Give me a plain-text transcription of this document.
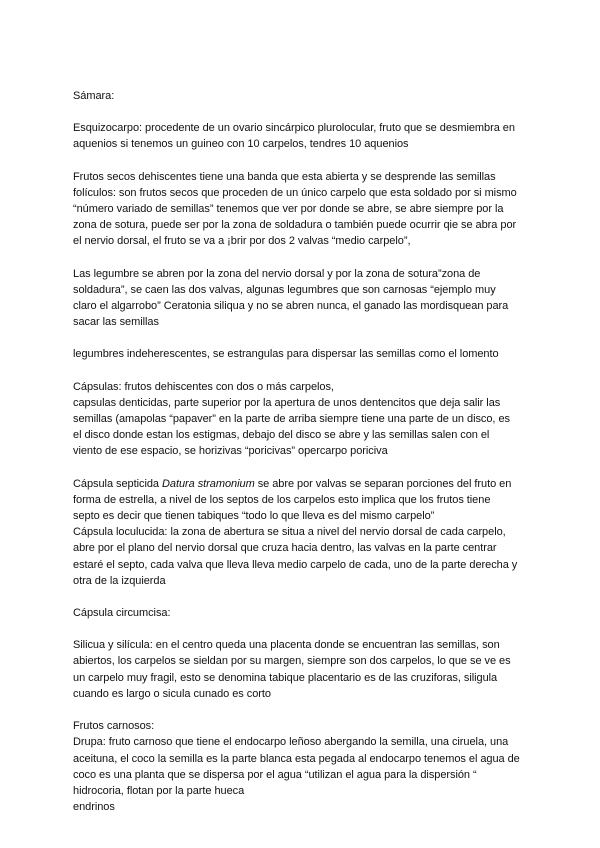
Sámara:

Esquizocarpo: procedente de un ovario sincárpico plurolocular, fruto que se desmiembra en
aquenios si tenemos un guineo con 10 carpelos, tendres 10 aquenios

Frutos secos dehiscentes tiene una banda que esta abierta y se desprende las semillas
folículos: son frutos secos que proceden de un único carpelo que esta soldado por si mismo
“número variado de semillas” tenemos que ver por donde se abre, se abre siempre por la
zona de sotura, puede ser por la zona de soldadura o también puede ocurrir qie se abra por
el nervio dorsal, el fruto se va a ¡brir por dos 2 valvas “medio carpelo”,

Las legumbre se abren por la zona del nervio dorsal y por la zona de sotura”zona de
soldadura”, se caen las dos valvas, algunas legumbres que son carnosas “ejemplo muy
claro el algarrobo” Ceratonia siliqua y no se abren nunca, el ganado las mordisquean para
sacar las semillas

legumbres indeherescentes, se estrangulas para dispersar las semillas como el lomento

Cápsulas: frutos dehiscentes con dos o más carpelos,
capsulas denticidas, parte superior por la apertura de unos dentencitos que deja salir las
semillas (amapolas “papaver” en la parte de arriba siempre tiene una parte de un disco, es
el disco donde estan los estigmas, debajo del disco se abre y las semillas salen con el
viento de ese espacio, se horizivas “poricivas” opercarpo poriciva

Cápsula septicida Datura stramonium se abre por valvas se separan porciones del fruto en
forma de estrella, a nivel de los septos de los carpelos esto implica que los frutos tiene
septo es decir que tienen tabiques “todo lo que lleva es del mismo carpelo”
Cápsula loculucida: la zona de abertura se situa a nivel del nervio dorsal de cada carpelo,
abre por el plano del nervio dorsal que cruza hacia dentro, las valvas en la parte centrar
estaré el septo, cada valva que lleva lleva medio carpelo de cada, uno de la parte derecha y
otra de la izquierda

Cápsula circumcisa:

Silicua y silícula: en el centro queda una placenta donde se encuentran las semillas, son
abiertos, los carpelos se sieldan por su margen, siempre son dos carpelos, lo que se ve es
un carpelo muy fragil, esto se denomina tabique placentario es de las cruziforas, siligula
cuando es largo o sicula cunado es corto

Frutos carnosos:
Drupa: fruto carnoso que tiene el endocarpo leñoso abergando la semilla, una ciruela, una
aceituna, el coco la semilla es la parte blanca esta pegada al endocarpo tenemos el agua de
coco es una planta que se dispersa por el agua “utilizan el agua para la dispersión “
hidrocoria, flotan por la parte hueca
endrinos
